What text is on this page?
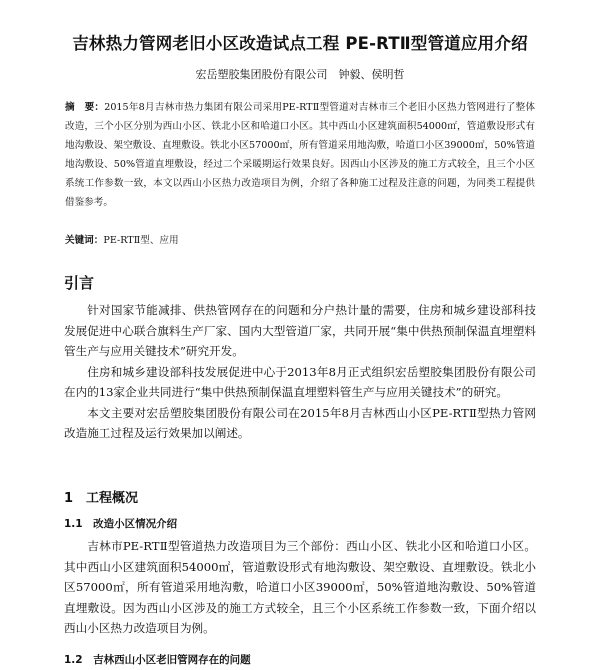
吉林热力管网老旧小区改造试点工程 PE-RTⅡ型管道应用介绍
宏岳塑胶集团股份有限公司　钟毅、侯明哲
摘　要：2015年8月吉林市热力集团有限公司采用PE-RTⅡ型管道对吉林市三个老旧小区热力管网进行了整体改造，三个小区分别为西山小区、铁北小区和哈道口小区。其中西山小区建筑面积54000㎡，管道敷设形式有地沟敷设、架空敷设、直埋敷设。铁北小区57000㎡，所有管道采用地沟敷，哈道口小区39000㎡，50%管道地沟敷设、50%管道直埋敷设，经过二个采暖期运行效果良好。因西山小区涉及的施工方式较全，且三个小区系统工作参数一致，本文以西山小区热力改造项目为例，介绍了各种施工过程及注意的问题，为同类工程提供借鉴参考。
关键词：PE-RTⅡ型、应用
引言

针对国家节能减排、供热管网存在的问题和分户热计量的需要，住房和城乡建设部科技发展促进中心联合旗料生产厂家、国内大型管道厂家，共同开展“集中供热预制保温直埋塑料管生产与应用关键技术”研究开发。

住房和城乡建设部科技发展促进中心于2013年8月正式组织宏岳塑胶集团股份有限公司在内的13家企业共同进行“集中供热预制保温直埋塑料管生产与应用关键技术”的研究。

本文主要对宏岳塑胶集团股份有限公司在2015年8月吉林西山小区PE-RTⅡ型热力管网改造施工过程及运行效果加以阐述。

1　工程概况
1.1　改造小区情况介绍

吉林市PE-RTⅡ型管道热力改造项目为三个部份：西山小区、铁北小区和哈道口小区。其中西山小区建筑面积54000㎡，管道敷设形式有地沟敷设、架空敷设、直埋敷设。铁北小区57000㎡，所有管道采用地沟敷，哈道口小区39000㎡，50%管道地沟敷设、50%管道直埋敷设。因为西山小区涉及的施工方式较全，且三个小区系统工作参数一致，下面介绍以西山小区热力改造项目为例。

1.2　吉林西山小区老旧管网存在的问题
